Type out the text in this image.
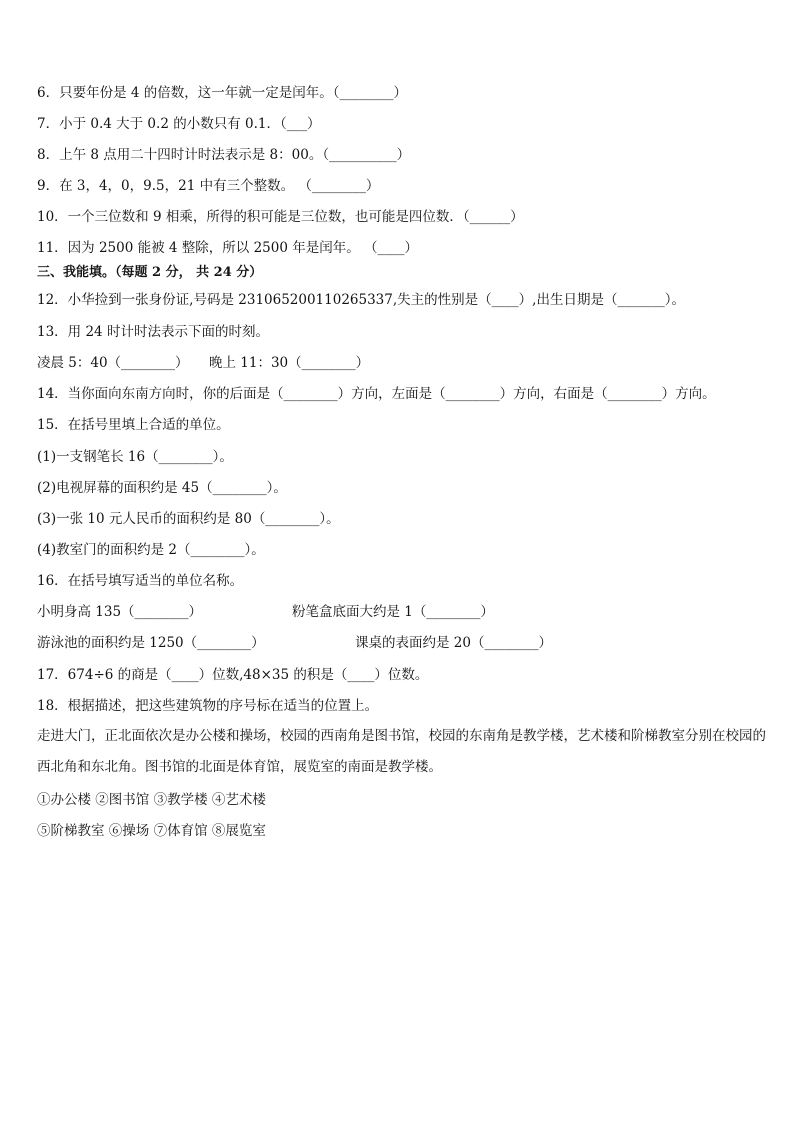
6．只要年份是 4 的倍数，这一年就一定是闰年。（________）
7．小于 0.4 大于 0.2 的小数只有 0.1．（___）
8．上午 8 点用二十四时计时法表示是 8：00。（__________）
9．在 3，4，0，9.5，21 中有三个整数。 （________）
10．一个三位数和 9 相乘，所得的积可能是三位数，也可能是四位数．（______）
11．因为 2500 能被 4 整除，所以 2500 年是闰年。 （____）
三、我能填。（每题 2 分， 共 24 分）
12．小华捡到一张身份证,号码是 231065200110265337,失主的性别是（____）,出生日期是（_______）。
13．用 24 时计时法表示下面的时刻。
凌晨 5：40（________）	晚上 11：30（________）
14．当你面向东南方向时，你的后面是（________）方向，左面是（________）方向，右面是（________）方向。
15．在括号里填上合适的单位。
(1)一支钢笔长 16（________）。
(2)电视屏幕的面积约是 45（________）。
(3)一张 10 元人民币的面积约是 80（________）。
(4)教室门的面积约是 2（________）。
16．在括号填写适当的单位名称。
小明身高 135（________）	粉笔盒底面大约是 1（________）
游泳池的面积约是 1250（________）	课桌的表面约是 20（________）
17．674÷6 的商是（____）位数,48×35 的积是（____）位数。
18．根据描述，把这些建筑物的序号标在适当的位置上。
走进大门，正北面依次是办公楼和操场，校园的西南角是图书馆，校园的东南角是教学楼，艺术楼和阶梯教室分别在校园的西北角和东北角。图书馆的北面是体育馆，展览室的南面是教学楼。
①办公楼 ②图书馆 ③教学楼 ④艺术楼
⑤阶梯教室 ⑥操场 ⑦体育馆 ⑧展览室
